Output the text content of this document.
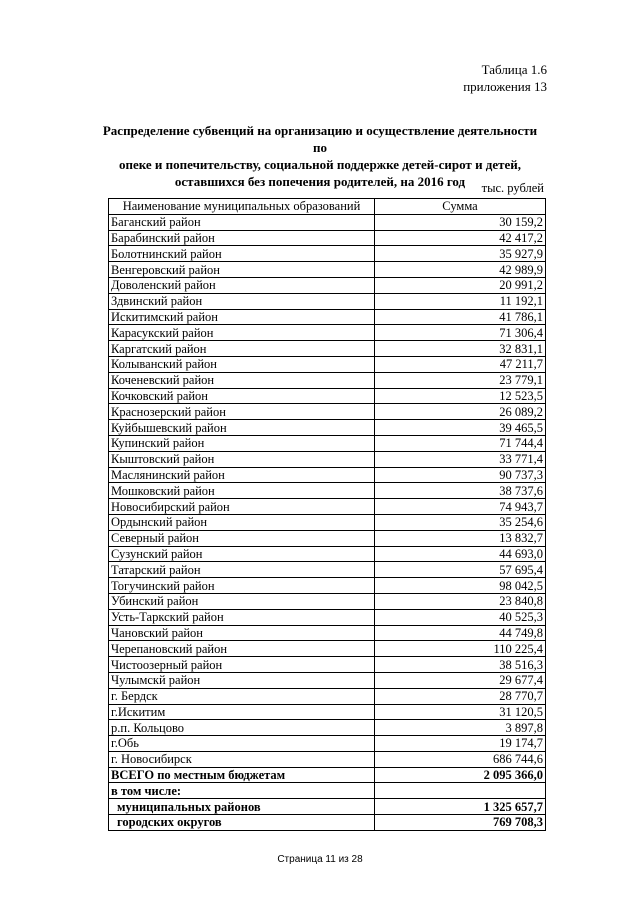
Таблица 1.6
приложения 13
Распределение субвенций на организацию и осуществление деятельности по
опеке и попечительству, социальной поддержке детей-сирот и детей,
оставшихся без попечения родителей, на 2016 год	тыс. рублей
Наименование муниципальных образований	Сумма
Баганский район	30 159,2
Барабинский район	42 417,2
Болотнинский район	35 927,9
Венгеровский район	42 989,9
Доволенский район	20 991,2
Здвинский район	11 192,1
Искитимский район	41 786,1
Карасукский район	71 306,4
Каргатский район	32 831,1
Колыванский район	47 211,7
Коченевский район	23 779,1
Кочковский район	12 523,5
Краснозерский район	26 089,2
Куйбышевский район	39 465,5
Купинский район	71 744,4
Кыштовский район	33 771,4
Маслянинский район	90 737,3
Мошковский район	38 737,6
Новосибирский район	74 943,7
Ордынский район	35 254,6
Северный район	13 832,7
Сузунский район	44 693,0
Татарский район	57 695,4
Тогучинский район	98 042,5
Убинский район	23 840,8
Усть-Таркский район	40 525,3
Чановский район	44 749,8
Черепановский район	110 225,4
Чистоозерный район	38 516,3
Чулымскй район	29 677,4
г. Бердск	28 770,7
г.Искитим	31 120,5
р.п. Кольцово	3 897,8
г.Обь	19 174,7
г. Новосибирск	686 744,6
ВСЕГО по местным бюджетам	2 095 366,0
в том числе:	
муниципальных районов	1 325 657,7
городских округов	769 708,3
Страница 11 из 28
